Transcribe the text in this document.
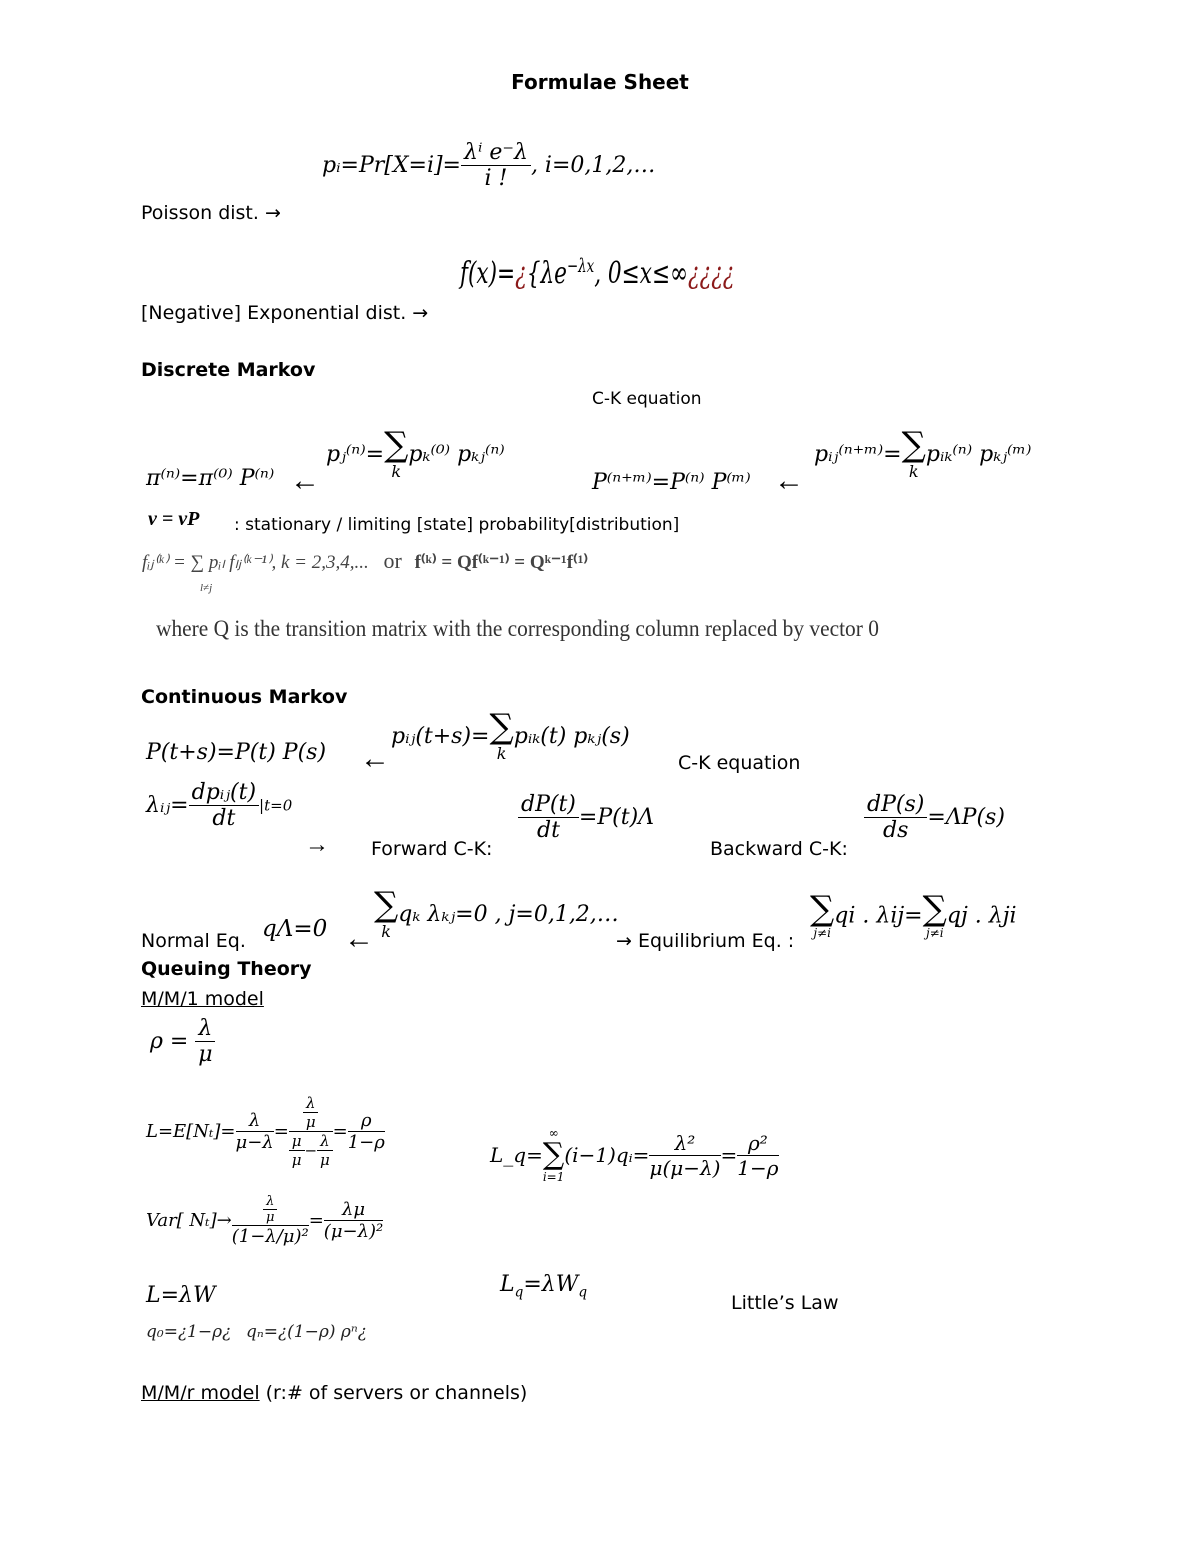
Formulae Sheet
Poisson dist. →
pᵢ=Pr[X=i]= $\frac{\text{λⁱ e⁻λ}}{i !}$ , i=0,1,2,…
[Negative] Exponential dist. →
$f(x)=¿\{\lambda e^{-\lambda x}$, 0≤x≤∞¿¿¿¿
Discrete Markov
C-K equation
π⁽ⁿ⁾=π⁽⁰⁾ P⁽ⁿ⁾ ←
pⱼ⁽ⁿ⁾= ∑
k
pₖ⁽⁰⁾ pₖⱼ⁽ⁿ⁾
P⁽ⁿ⁺ᵐ⁾=P⁽ⁿ⁾ P⁽ᵐ⁾ ←
pᵢⱼ⁽ⁿ⁺ᵐ⁾= ∑
k
pᵢₖ⁽ⁿ⁾ pₖⱼ⁽ᵐ⁾
v = vP : stationary / limiting [state] probability[distribution]
fᵢⱼ⁽ᵏ⁾ = ∑ pᵢₗ fₗⱼ⁽ᵏ⁻¹⁾, k = 2,3,4,... or f⁽ᵏ⁾ = Qf⁽ᵏ⁻¹⁾ = Qᵏ⁻¹f⁽¹⁾
l≠j
where Q is the transition matrix with the corresponding column replaced by vector 0
Continuous Markov
P(t+s)=P(t) P(s) ←
pᵢⱼ(t+s)= ∑
k
pᵢₖ(t) pₖⱼ(s)
C-K equation
λᵢⱼ= $\frac{\text{dpᵢⱼ(t)}}{dt} |t=0$
→ Forward C-K:
$\frac{dP(t)}{dt} =P(t)\Lambda$
Backward C-K:
$\frac{dP(s)}{ds} =\Lambda P(s)$
Normal Eq. qΛ=0 ←
∑
k
qₖ λₖⱼ=0 , j=0,1,2,…
→ Equilibrium Eq. :
∑
j≠i
qi . λij= ∑
j≠i
qj . λji
Queuing Theory
M/M/1 model
$\rho = \frac{\lambda}{\mu}$
$L=E[N_t]= \frac{\lambda}{\mu-\lambda} = \frac{\frac{\lambda}{\mu}}{\frac{\mu}{\mu} - \frac{\lambda}{\mu}} = \frac{\rho}{1-\rho}$
L_q=
∞
∑
i=1
(i−1)qᵢ= $\frac{\text{λ²}}{\mu(\mu-\lambda)} = \frac{\text{ρ²}}{1-\rho}$
Var[ $N_t]\to \frac{\frac{\lambda}{\mu}}{\text{(1−λ/μ)²}} = \frac{\lambda\mu}{\text{(μ−λ)²}}$
L=λW	$L_q=\lambda W_q$	Little’s Law
q₀=¿1−ρ¿ qₙ=¿(1−ρ) ρⁿ¿
M/M/r model (r:# of servers or channels)
